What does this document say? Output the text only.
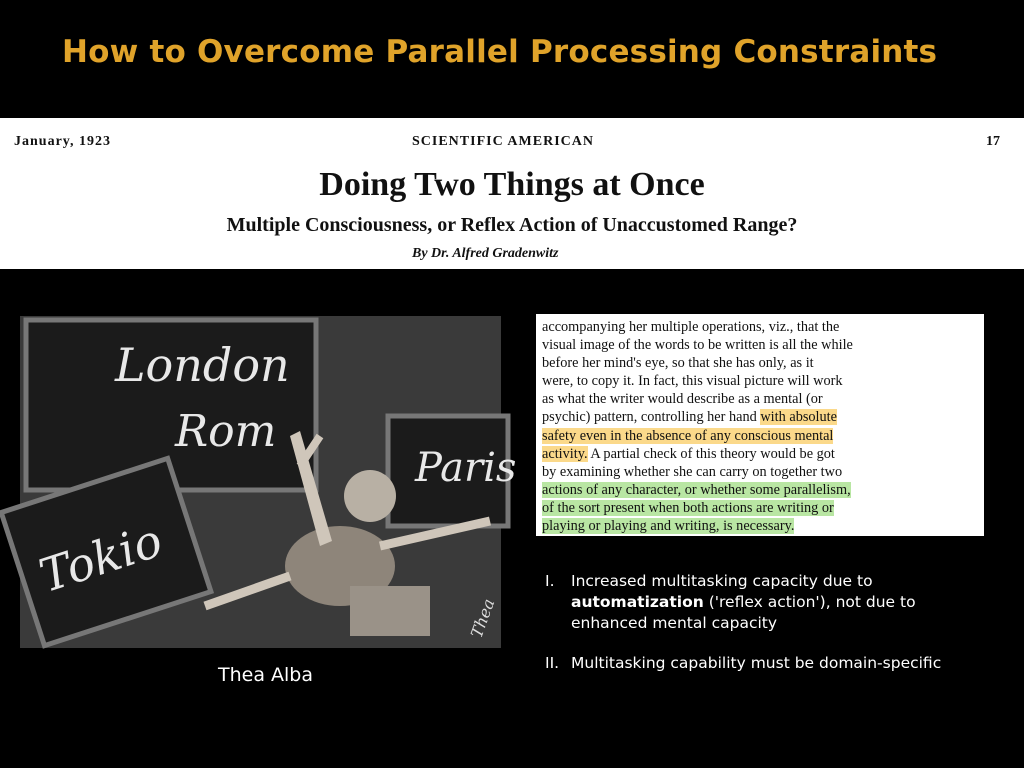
How to Overcome Parallel Processing Constraints
January, 1923	SCIENTIFIC AMERICAN	17
Doing Two Things at Once
Multiple Consciousness, or Reflex Action of Unaccustomed Range?
By Dr. Alfred Gradenwitz
London
Rom
Paris
Tokio
Thea
Thea Alba
accompanying her multiple operations, viz., that the
visual image of the words to be written is all the while
before her mind's eye, so that she has only, as it
were, to copy it. In fact, this visual picture will work
as what the writer would describe as a mental (or
psychic) pattern, controlling her hand with absolute
safety even in the absence of any conscious mental
activity. A partial check of this theory would be got
by examining whether she can carry on together two
actions of any character, or whether some parallelism,
of the sort present when both actions are writing or
playing or playing and writing, is necessary.
I.	Increased multitasking capacity due to automatization ('reflex action'), not due to enhanced mental capacity
II. Multitasking capability must be domain-specific
